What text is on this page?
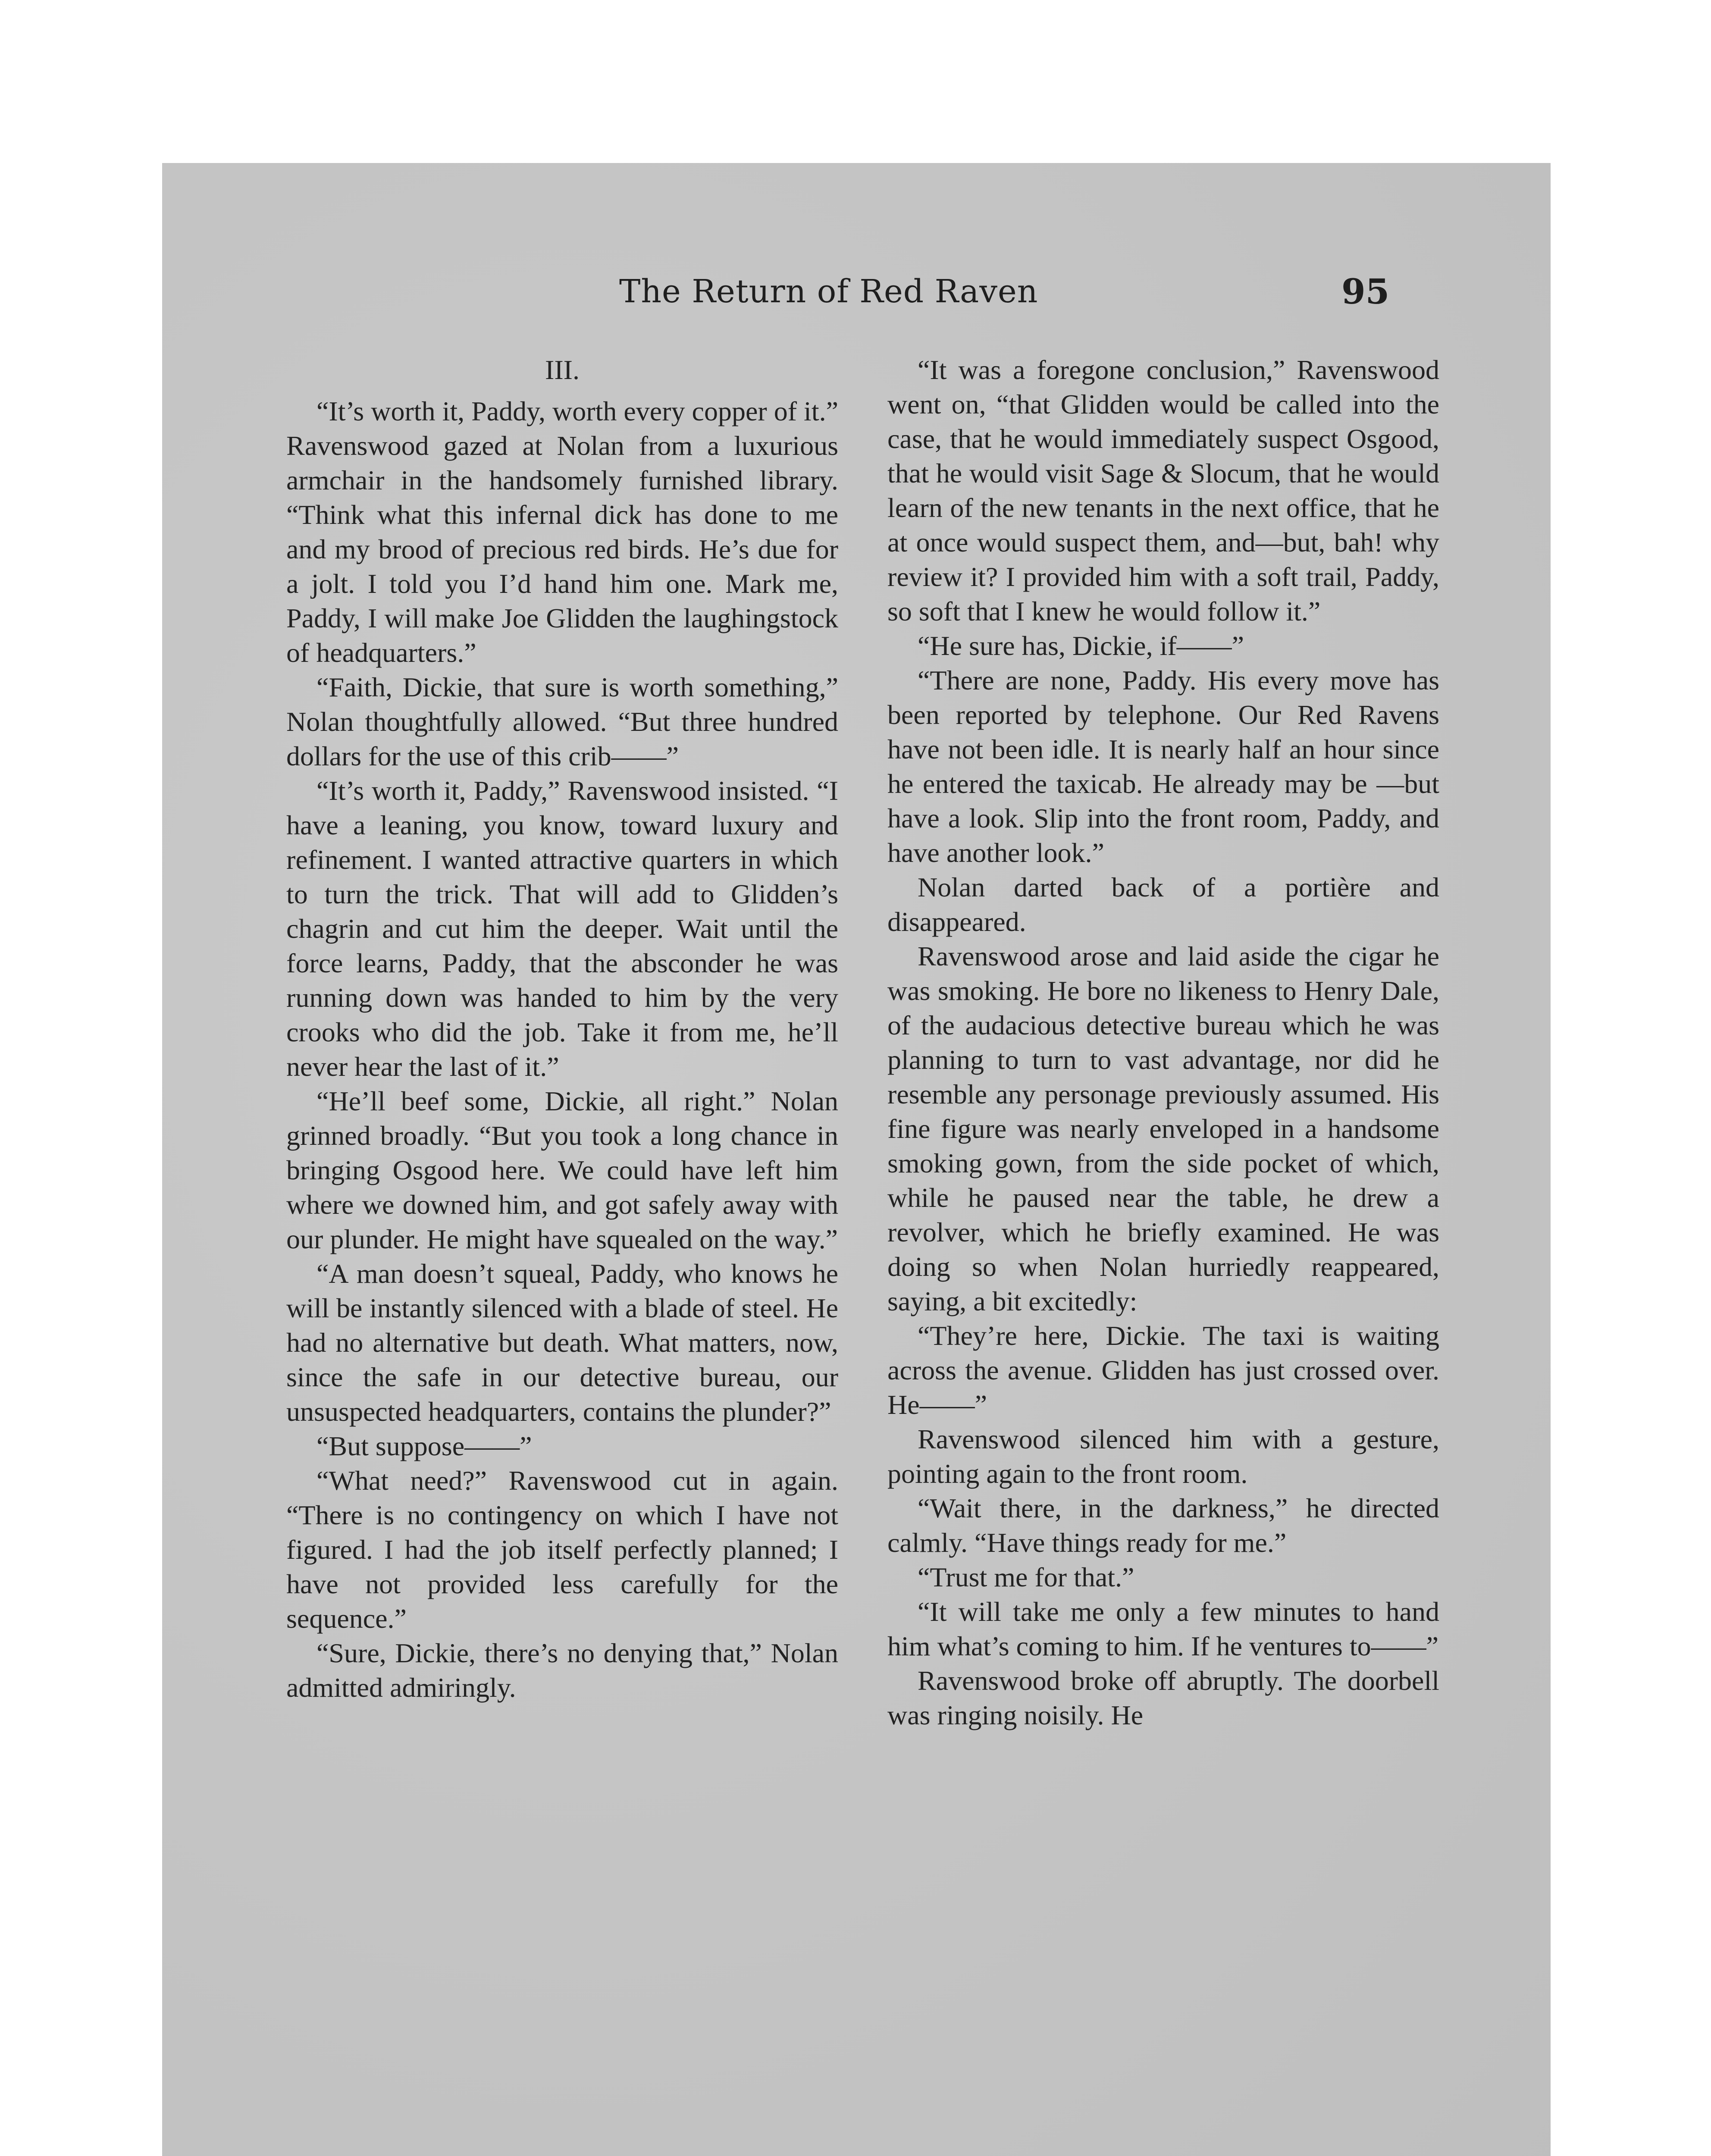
The Return of Red Raven	95
III.

“It’s worth it, Paddy, worth every copper of it.” Ravenswood gazed at Nolan from a luxurious armchair in the handsomely furnished library. “Think what this infernal dick has done to me and my brood of precious red birds. He’s due for a jolt. I told you I’d hand him one. Mark me, Paddy, I will make Joe Glidden the laughingstock of headquarters.”

“Faith, Dickie, that sure is worth something,” Nolan thoughtfully allowed. “But three hundred dollars for the use of this crib——”

“It’s worth it, Paddy,” Ravenswood insisted. “I have a leaning, you know, toward luxury and refinement. I wanted attractive quarters in which to turn the trick. That will add to Glidden’s chagrin and cut him the deeper. Wait until the force learns, Paddy, that the absconder he was running down was handed to him by the very crooks who did the job. Take it from me, he’ll never hear the last of it.”

“He’ll beef some, Dickie, all right.” Nolan grinned broadly. “But you took a long chance in bringing Osgood here. We could have left him where we downed him, and got safely away with our plunder. He might have squealed on the way.”

“A man doesn’t squeal, Paddy, who knows he will be instantly silenced with a blade of steel. He had no alternative but death. What matters, now, since the safe in our detective bureau, our unsuspected headquarters, contains the plunder?”

“But suppose——”

“What need?” Ravenswood cut in again. “There is no contingency on which I have not figured. I had the job itself perfectly planned; I have not provided less carefully for the sequence.”

“Sure, Dickie, there’s no denying that,” Nolan admitted admiringly.

“It was a foregone conclusion,” Ravenswood went on, “that Glidden would be called into the case, that he would immediately suspect Osgood, that he would visit Sage & Slocum, that he would learn of the new tenants in the next office, that he at once would suspect them, and—but, bah! why review it? I provided him with a soft trail, Paddy, so soft that I knew he would follow it.”

“He sure has, Dickie, if——”

“There are none, Paddy. His every move has been reported by telephone. Our Red Ravens have not been idle. It is nearly half an hour since he entered the taxicab. He already may be —but have a look. Slip into the front room, Paddy, and have another look.”

Nolan darted back of a portière and disappeared.

Ravenswood arose and laid aside the cigar he was smoking. He bore no likeness to Henry Dale, of the audacious detective bureau which he was planning to turn to vast advantage, nor did he resemble any personage previously assumed. His fine figure was nearly enveloped in a handsome smoking gown, from the side pocket of which, while he paused near the table, he drew a revolver, which he briefly examined. He was doing so when Nolan hurriedly reappeared, saying, a bit excitedly:

“They’re here, Dickie. The taxi is waiting across the avenue. Glidden has just crossed over. He——”

Ravenswood silenced him with a gesture, pointing again to the front room.

“Wait there, in the darkness,” he directed calmly. “Have things ready for me.”

“Trust me for that.”

“It will take me only a few minutes to hand him what’s coming to him. If he ventures to——”

Ravenswood broke off abruptly. The doorbell was ringing noisily. He
